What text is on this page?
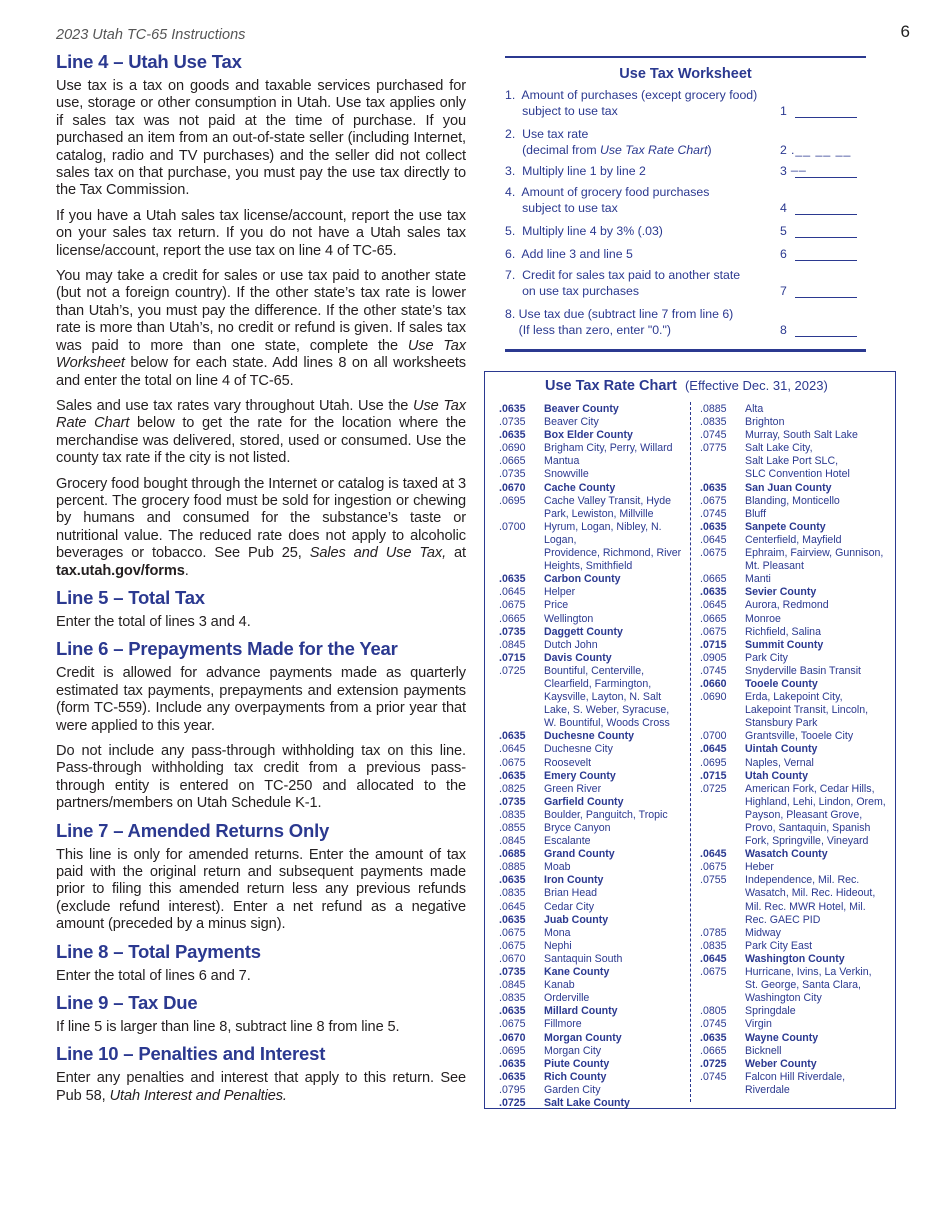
2023 Utah TC-65 Instructions	6
Line 4 – Utah Use Tax
Use tax is a tax on goods and taxable services purchased for use, storage or other consumption in Utah. Use tax applies only if sales tax was not paid at the time of purchase. If you purchased an item from an out-of-state seller (including Internet, catalog, radio and TV purchases) and the seller did not collect sales tax on that purchase, you must pay the use tax directly to the Tax Commission.
If you have a Utah sales tax license/account, report the use tax on your sales tax return. If you do not have a Utah sales tax license/account, report the use tax on line 4 of TC-65.
You may take a credit for sales or use tax paid to another state (but not a foreign country). If the other state’s tax rate is lower than Utah’s, you must pay the difference. If the other state’s tax rate is more than Utah’s, no credit or refund is given. If sales tax was paid to more than one state, complete the Use Tax Worksheet below for each state. Add lines 8 on all worksheets and enter the total on line 4 of TC-65.
Sales and use tax rates vary throughout Utah. Use the Use Tax Rate Chart below to get the rate for the location where the merchandise was delivered, stored, used or consumed. Use the county tax rate if the city is not listed.
Grocery food bought through the Internet or catalog is taxed at 3 percent. The grocery food must be sold for ingestion or chewing by humans and consumed for the substance’s taste or nutritional value. The reduced rate does not apply to alcoholic beverages or tobacco. See Pub 25, Sales and Use Tax, at tax.utah.gov/forms.
Line 5 – Total Tax
Enter the total of lines 3 and 4.
Line 6 – Prepayments Made for the Year
Credit is allowed for advance payments made as quarterly estimated tax payments, prepayments and extension payments (form TC-559). Include any overpayments from a prior year that were applied to this year.
Do not include any pass-through withholding tax on this line. Pass-through withholding tax credit from a previous pass-through entity is entered on TC-250 and allocated to the partners/members on Utah Schedule K-1.
Line 7 – Amended Returns Only
This line is only for amended returns. Enter the amount of tax paid with the original return and subsequent payments made prior to filing this amended return less any previous refunds (exclude refund interest). Enter a net refund as a negative amount (preceded by a minus sign).
Line 8 – Total Payments
Enter the total of lines 6 and 7.
Line 9 – Tax Due
If line 5 is larger than line 8, subtract line 8 from line 5.
Line 10 – Penalties and Interest
Enter any penalties and interest that apply to this return. See Pub 58, Utah Interest and Penalties.
Use Tax Worksheet
1.  Amount of purchases (except grocery food)
subject to use tax	1
2.  Use tax rate
(decimal from Use Tax Rate Chart)	2 .__ __ __ __
3.  Multiply line 1 by line 2	3
4.  Amount of grocery food purchases
subject to use tax	4
5.  Multiply line 4 by 3% (.03)	5
6.  Add line 3 and line 5	6
7.  Credit for sales tax paid to another state
on use tax purchases	7
8. Use tax due (subtract line 7 from line 6)
(If less than zero, enter "0.")	8
Use Tax Rate Chart (Effective Dec. 31, 2023)
.0635	Beaver County
.0735	Beaver City
.0635	Box Elder County
.0690	Brigham City, Perry, Willard
.0665	Mantua
.0735	Snowville
.0670	Cache County
.0695	Cache Valley Transit, Hyde
Park, Lewiston, Millville
.0700	Hyrum, Logan, Nibley, N. Logan,
Providence, Richmond, River
Heights, Smithfield
.0635	Carbon County
.0645	Helper
.0675	Price
.0665	Wellington
.0735	Daggett County
.0845	Dutch John
.0715	Davis County
.0725	Bountiful, Centerville,
Clearfield, Farmington,
Kaysville, Layton, N. Salt
Lake, S. Weber, Syracuse,
W. Bountiful, Woods Cross
.0635	Duchesne County
.0645	Duchesne City
.0675	Roosevelt
.0635	Emery County
.0825	Green River
.0735	Garfield County
.0835	Boulder, Panguitch, Tropic
.0855	Bryce Canyon
.0845	Escalante
.0685	Grand County
.0885	Moab
.0635	Iron County
.0835	Brian Head
.0645	Cedar City
.0635	Juab County
.0675	Mona
.0675	Nephi
.0670	Santaquin South
.0735	Kane County
.0845	Kanab
.0835	Orderville
.0635	Millard County
.0675	Fillmore
.0670	Morgan County
.0695	Morgan City
.0635	Piute County
.0635	Rich County
.0795	Garden City
.0725	Salt Lake County
.0885	Alta
.0835	Brighton
.0745	Murray, South Salt Lake
.0775	Salt Lake City,
Salt Lake Port SLC,
SLC Convention Hotel
.0635	San Juan County
.0675	Blanding, Monticello
.0745	Bluff
.0635	Sanpete County
.0645	Centerfield, Mayfield
.0675	Ephraim, Fairview, Gunnison,
Mt. Pleasant
.0665	Manti
.0635	Sevier County
.0645	Aurora, Redmond
.0665	Monroe
.0675	Richfield, Salina
.0715	Summit County
.0905	Park City
.0745	Snyderville Basin Transit
.0660	Tooele County
.0690	Erda, Lakepoint City,
Lakepoint Transit, Lincoln,
Stansbury Park
.0700	Grantsville, Tooele City
.0645	Uintah County
.0695	Naples, Vernal
.0715	Utah County
.0725	American Fork, Cedar Hills,
Highland, Lehi, Lindon, Orem,
Payson, Pleasant Grove,
Provo, Santaquin, Spanish
Fork, Springville, Vineyard
.0645	Wasatch County
.0675	Heber
.0755	Independence, Mil. Rec.
Wasatch, Mil. Rec. Hideout,
Mil. Rec. MWR Hotel, Mil.
Rec. GAEC PID
.0785	Midway
.0835	Park City East
.0645	Washington County
.0675	Hurricane, Ivins, La Verkin,
St. George, Santa Clara,
Washington City
.0805	Springdale
.0745	Virgin
.0635	Wayne County
.0665	Bicknell
.0725	Weber County
.0745	Falcon Hill Riverdale,
Riverdale
